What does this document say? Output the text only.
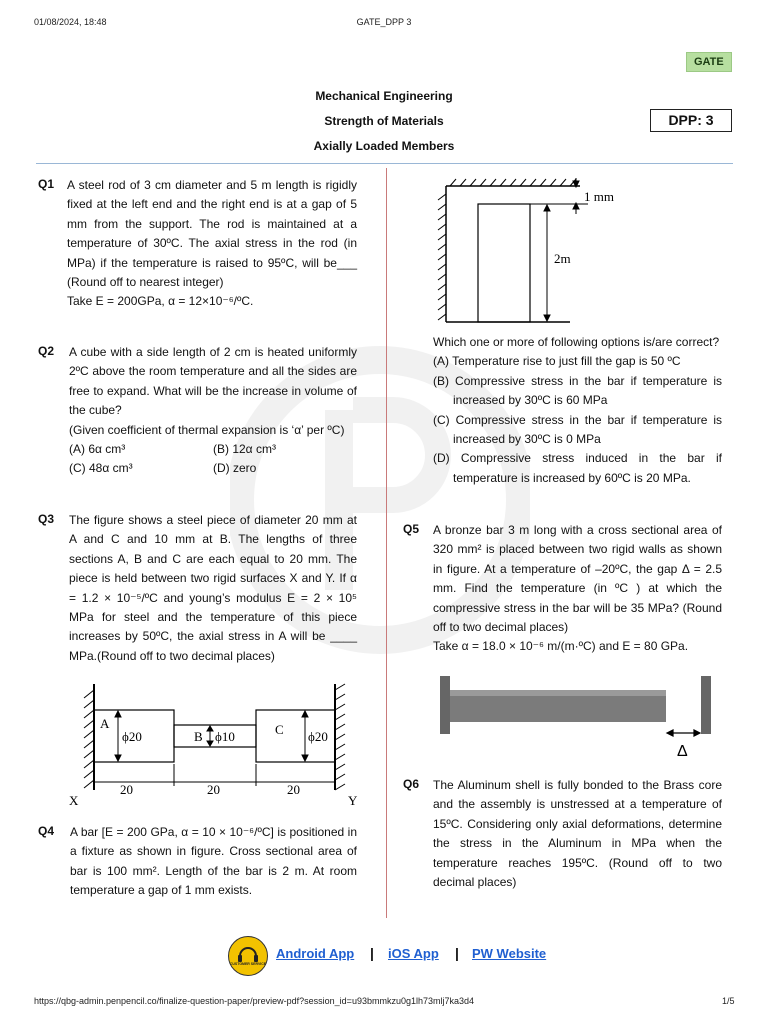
01/08/2024, 18:48	GATE_DPP 3
GATE
Mechanical Engineering
Strength of Materials
Axially Loaded Members
DPP: 3
Q1 A steel rod of 3 cm diameter and 5 m length is rigidly fixed at the left end and the right end is at a gap of 5 mm from the support. The rod is maintained at a temperature of 30ºC. The axial stress in the rod (in MPa) if the temperature is raised to 95ºC, will be___ (Round off to nearest integer)

Take E = 200GPa, α = 12×10⁻⁶/ºC.

Q2 A cube with a side length of 2 cm is heated uniformly 2ºC above the room temperature and all the sides are free to expand. What will be the increase in volume of the cube?

(Given coefficient of thermal expansion is ‘α’ per ºC)

(A) 6α cm³	(B) 12α cm³
(C) 48α cm³	(D) zero
Q3 The figure shows a steel piece of diameter 20 mm at A and C and 10 mm at B. The lengths of three sections A, B and C are each equal to 20 mm. The piece is held between two rigid surfaces X and Y. If α = 1.2 × 10⁻⁵/ºC and young’s modulus E = 2 × 10⁵ MPa for steel and the temperature of this piece increases by 50ºC, the axial stress in A will be ____ MPa.(Round off to two decimal places)
A
ϕ20	B ϕ10	C ϕ20
20	20	20
X	Y
Q4 A bar [E = 200 GPa, α = 10 × 10⁻⁶/ºC] is positioned in a fixture as shown in figure. Cross sectional area of bar is 100 mm². Length of the bar is 2 m. At room temperature a gap of 1 mm exists.
1 mm
2m

Which one or more of following options is/are correct?

(A) Temperature rise to just fill the gap is 50 ºC
(B) Compressive stress in the bar if temperature is increased by 30ºC is 60 MPa
(C) Compressive stress in the bar if temperature is increased by 30ºC is 0 MPa
(D) Compressive stress induced in the bar if temperature is increased by 60ºC is 20 MPa.
Q5 A bronze bar 3 m long with a cross sectional area of 320 mm² is placed between two rigid walls as shown in figure. At a temperature of –20ºC, the gap Δ = 2.5 mm. Find the temperature (in ºC ) at which the compressive stress in the bar will be 35 MPa? (Round off to two decimal places)

Take α = 18.0 × 10⁻⁶ m/(m·ºC) and E = 80 GPa.

Δ
Q6 The Aluminum shell is fully bonded to the Brass core and the assembly is unstressed at a temperature of 15ºC. Considering only axial deformations, determine the stress in the Aluminum in MPa when the temperature reaches 195ºC. (Round off to two decimal places)
CUSTOMER SERVICE
Android App | iOS App | PW Website
https://qbg-admin.penpencil.co/finalize-question-paper/preview-pdf?session_id=u93bmmkzu0g1lh73mlj7ka3d4	1/5
